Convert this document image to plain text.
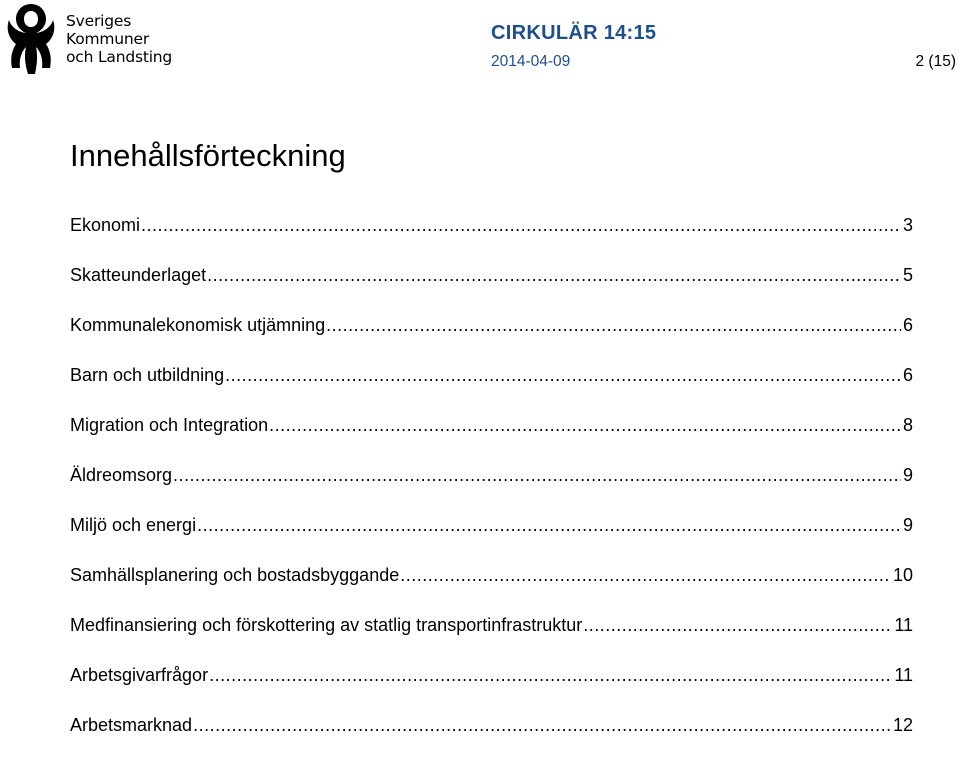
Sveriges
Kommuner
och Landsting
CIRKULÄR 14:15
2014-04-09	2 (15)
Innehållsförteckning
Ekonomi .....	3
Skatteunderlaget .....	5
Kommunalekonomisk utjämning .....	6
Barn och utbildning .....	6
Migration och Integration .....	8
Äldreomsorg .....	9
Miljö och energi .....	9
Samhällsplanering och bostadsbyggande .....	10
Medfinansiering och förskottering av statlig transportinfrastruktur .....	11
Arbetsgivarfrågor .....	11
Arbetsmarknad .....	12
